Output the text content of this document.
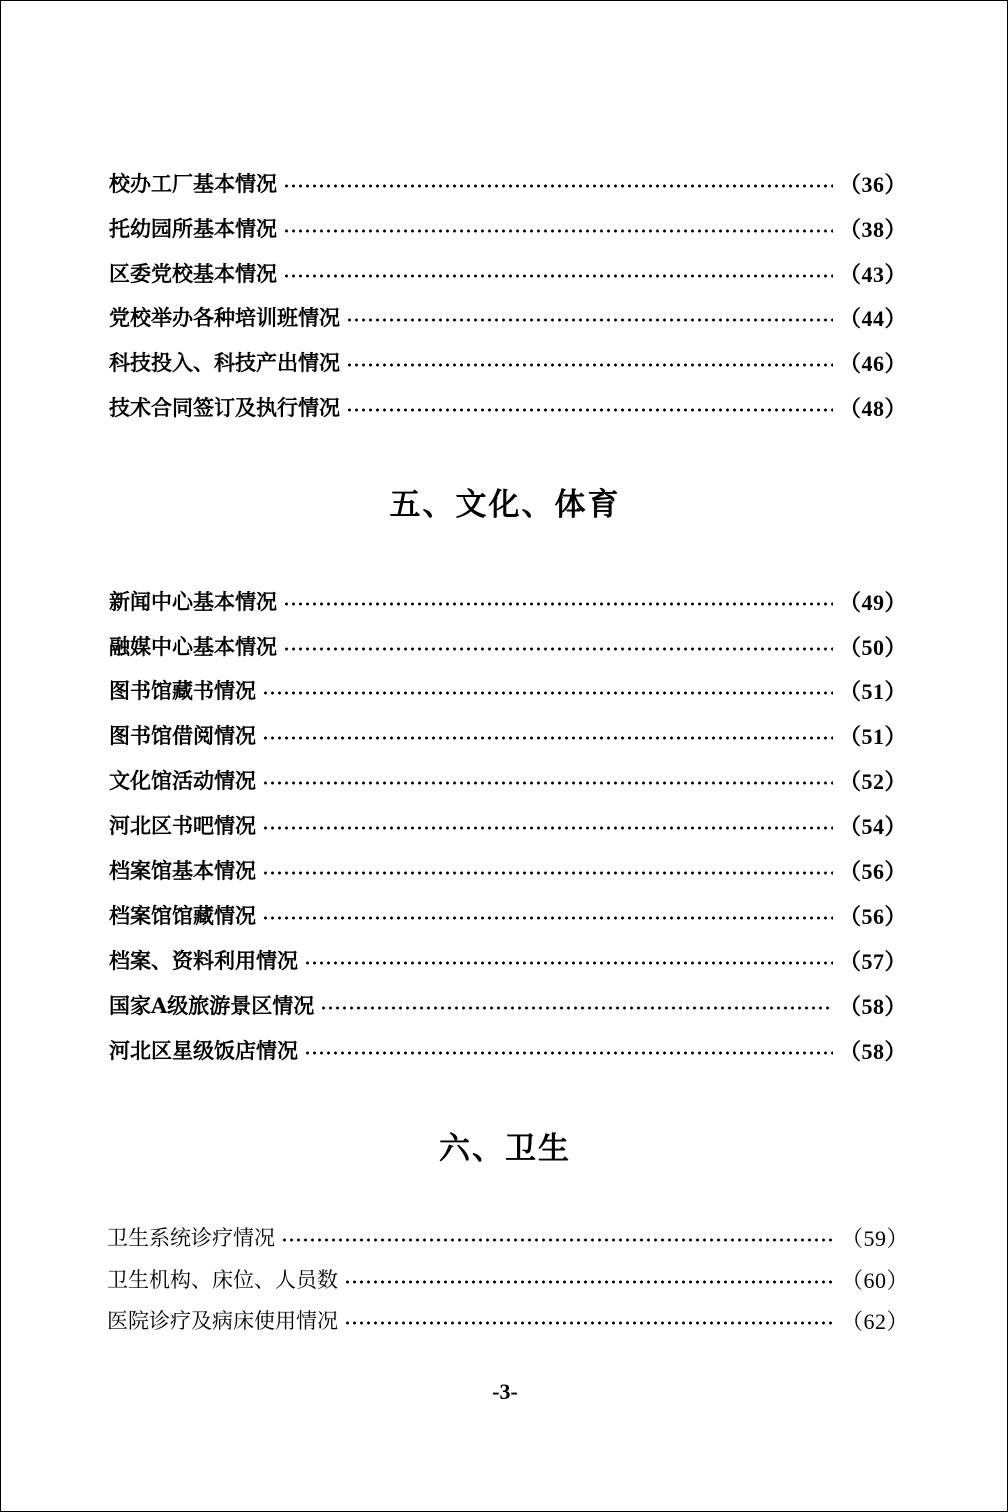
校办工厂基本情况	（36）
托幼园所基本情况	（38）
区委党校基本情况	（43）
党校举办各种培训班情况	（44）
科技投入、科技产出情况	（46）
技术合同签订及执行情况	（48）
五、文化、体育
新闻中心基本情况	（49）
融媒中心基本情况	（50）
图书馆藏书情况	（51）
图书馆借阅情况	（51）
文化馆活动情况	（52）
河北区书吧情况	（54）
档案馆基本情况	（56）
档案馆馆藏情况	（56）
档案、资料利用情况	（57）
国家A级旅游景区情况	（58）
河北区星级饭店情况	（58）
六、卫生
卫生系统诊疗情况	（59）
卫生机构、床位、人员数	（60）
医院诊疗及病床使用情况	（62）
-3-
